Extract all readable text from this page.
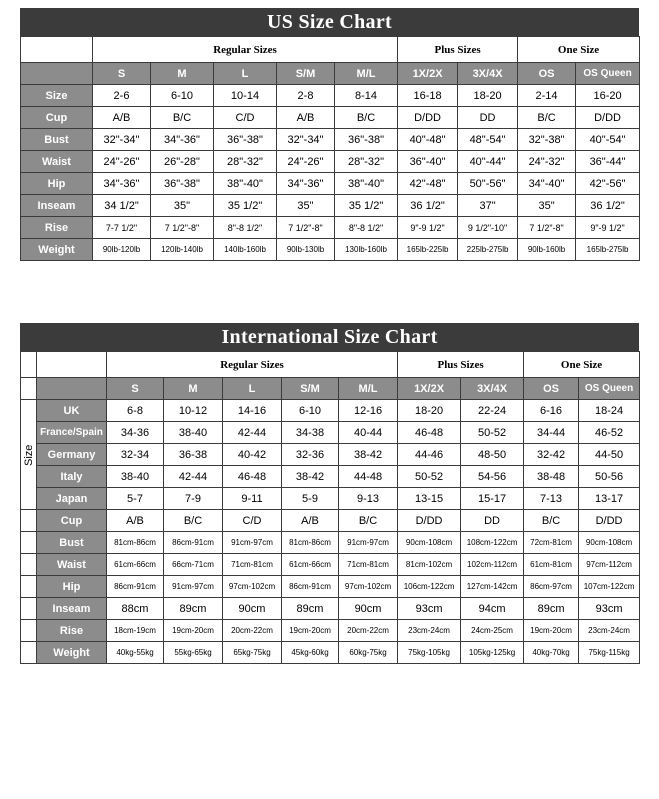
US Size Chart
	Regular Sizes					Plus Sizes		One Size	
	S	M	L	S/M	M/L	1X/2X	3X/4X	OS	OS Queen
Size	2-6	6-10	10-14	2-8	8-14	16-18	18-20	2-14	16-20
Cup	A/B	B/C	C/D	A/B	B/C	D/DD	DD	B/C	D/DD
Bust	32"-34"	34"-36"	36"-38"	32"-34"	36"-38"	40"-48"	48"-54"	32"-38"	40"-54"
Waist	24"-26"	26"-28"	28"-32"	24"-26"	28"-32"	36"-40"	40"-44"	24"-32"	36"-44"
Hip	34"-36"	36"-38"	38"-40"	34"-36"	38"-40"	42"-48"	50"-56"	34"-40"	42"-56"
Inseam	34 1/2"	35"	35 1/2"	35"	35 1/2"	36 1/2"	37"	35"	36 1/2"
Rise	7-7 1/2"	7 1/2"-8"	8"-8 1/2"	7 1/2"-8"	8"-8 1/2"	9"-9 1/2"	9 1/2"-10"	7 1/2"-8"	9"-9 1/2"
Weight	90lb-120lb	120lb-140lb	140lb-160lb	90lb-130lb	130lb-160lb	165lb-225lb	225lb-275lb	90lb-160lb	165lb-275lb
International Size Chart
		Regular Sizes					Plus Sizes		One Size	
		S	M	L	S/M	M/L	1X/2X	3X/4X	OS	OS Queen
Size	UK	6-8	10-12	14-16	6-10	12-16	18-20	22-24	6-16	18-24
	France/Spain	34-36	38-40	42-44	34-38	40-44	46-48	50-52	34-44	46-52
	Germany	32-34	36-38	40-42	32-36	38-42	44-46	48-50	32-42	44-50
	Italy	38-40	42-44	46-48	38-42	44-48	50-52	54-56	38-48	50-56
	Japan	5-7	7-9	9-11	5-9	9-13	13-15	15-17	7-13	13-17
	Cup	A/B	B/C	C/D	A/B	B/C	D/DD	DD	B/C	D/DD
	Bust	81cm-86cm	86cm-91cm	91cm-97cm	81cm-86cm	91cm-97cm	90cm-108cm	108cm-122cm	72cm-81cm	90cm-108cm
	Waist	61cm-66cm	66cm-71cm	71cm-81cm	61cm-66cm	71cm-81cm	81cm-102cm	102cm-112cm	61cm-81cm	97cm-112cm
	Hip	86cm-91cm	91cm-97cm	97cm-102cm	86cm-91cm	97cm-102cm	106cm-122cm	127cm-142cm	86cm-97cm	107cm-122cm
	Inseam	88cm	89cm	90cm	89cm	90cm	93cm	94cm	89cm	93cm
	Rise	18cm-19cm	19cm-20cm	20cm-22cm	19cm-20cm	20cm-22cm	23cm-24cm	24cm-25cm	19cm-20cm	23cm-24cm
	Weight	40kg-55kg	55kg-65kg	65kg-75kg	45kg-60kg	60kg-75kg	75kg-105kg	105kg-125kg	40kg-70kg	75kg-115kg
